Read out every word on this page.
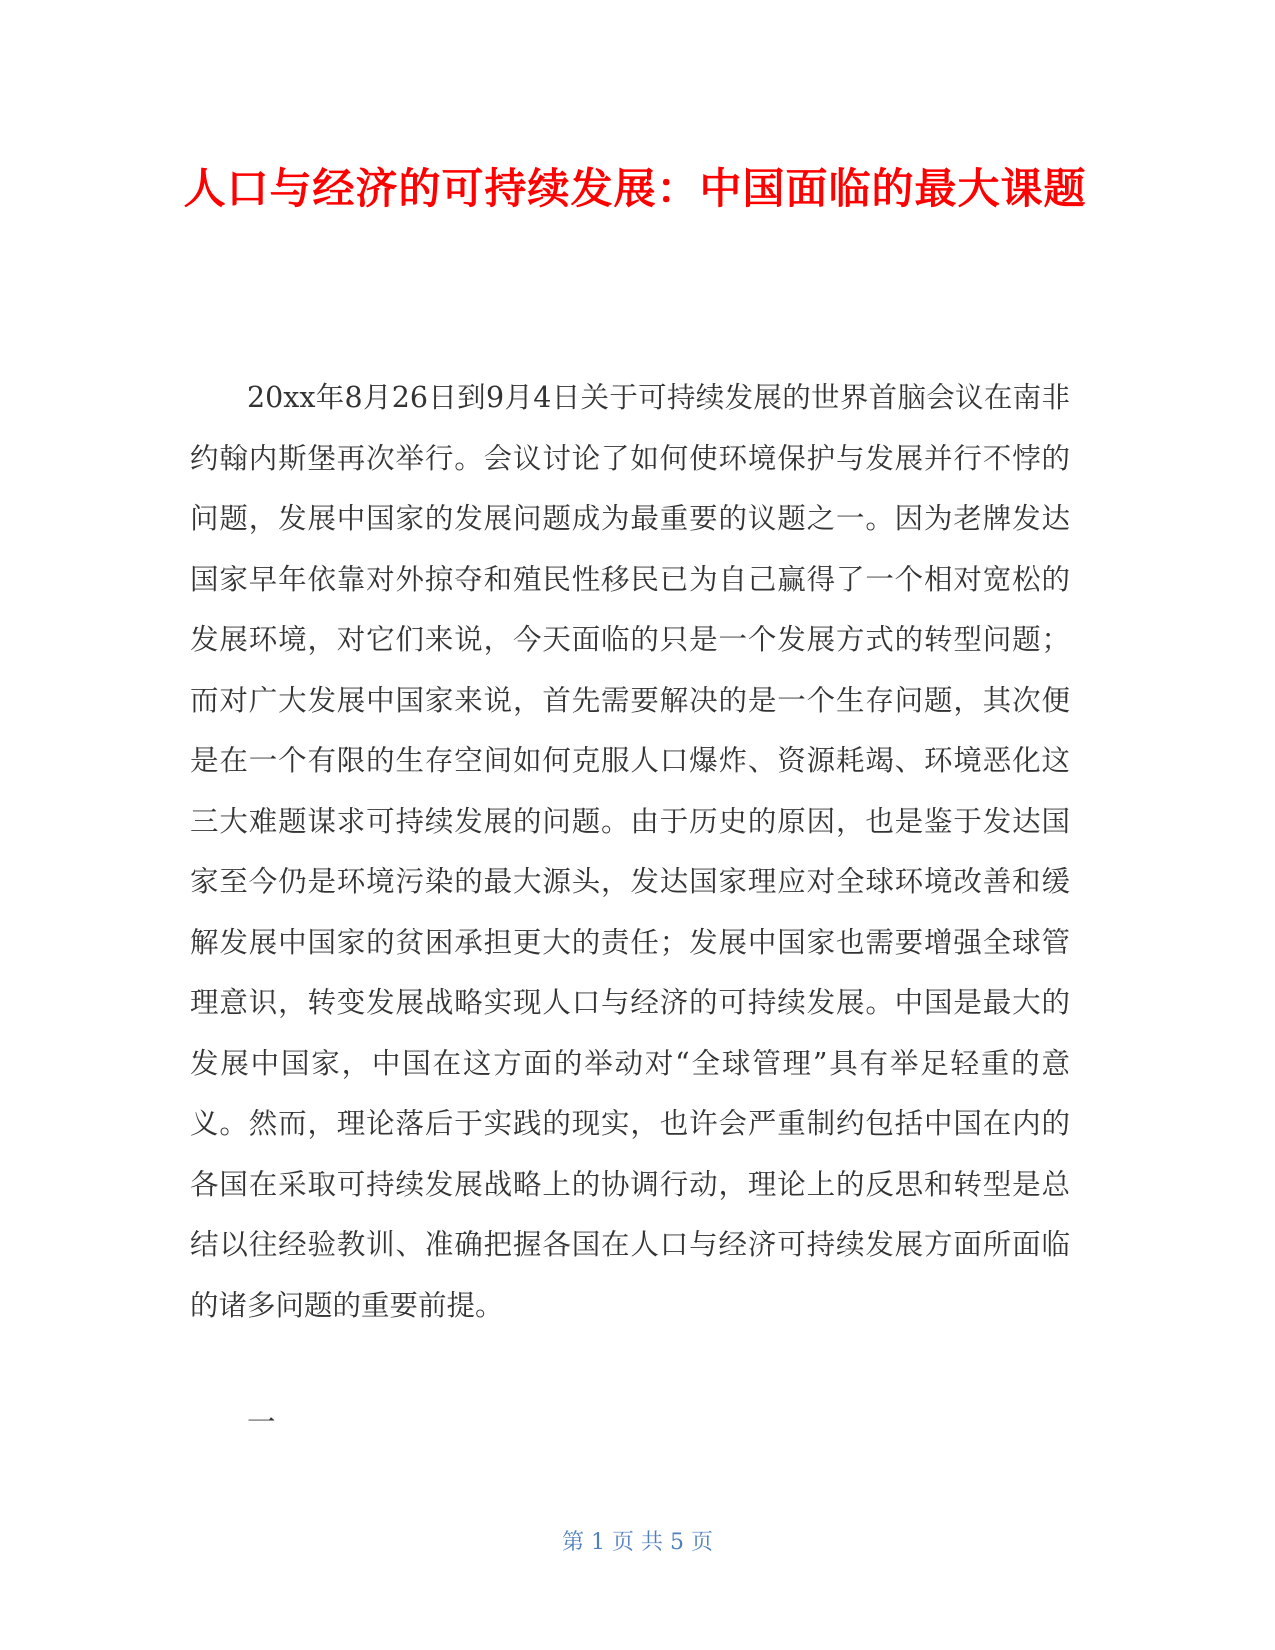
人口与经济的可持续发展：中国面临的最大课题

20xx年8月26日到9月4日关于可持续发展的世界首脑会议在南非约翰内斯堡再次举行。会议讨论了如何使环境保护与发展并行不悖的问题，发展中国家的发展问题成为最重要的议题之一。因为老牌发达国家早年依靠对外掠夺和殖民性移民已为自己赢得了一个相对宽松的发展环境，对它们来说，今天面临的只是一个发展方式的转型问题；而对广大发展中国家来说，首先需要解决的是一个生存问题，其次便是在一个有限的生存空间如何克服人口爆炸、资源耗竭、环境恶化这三大难题谋求可持续发展的问题。由于历史的原因，也是鉴于发达国家至今仍是环境污染的最大源头，发达国家理应对全球环境改善和缓解发展中国家的贫困承担更大的责任；发展中国家也需要增强全球管理意识，转变发展战略实现人口与经济的可持续发展。中国是最大的发展中国家，中国在这方面的举动对“全球管理”具有举足轻重的意义。然而，理论落后于实践的现实，也许会严重制约包括中国在内的各国在采取可持续发展战略上的协调行动，理论上的反思和转型是总结以往经验教训、准确把握各国在人口与经济可持续发展方面所面临的诸多问题的重要前提。

一

第 1 页 共 5 页
